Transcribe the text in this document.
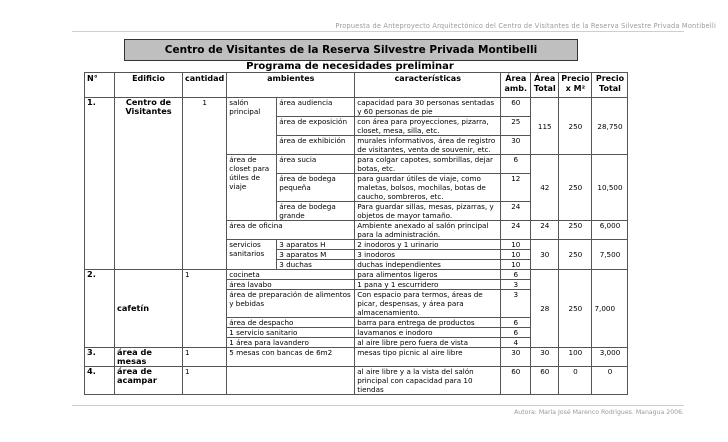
Propuesta de Anteproyecto Arquitectónico del Centro de Visitantes de la Reserva Silvestre Privada Montibelli
Centro de Visitantes de la Reserva Silvestre Privada Montibelli
Programa de necesidades preliminar
N°	Edificio	cantidad	ambientes		características	Área amb.	Área Total	Precio x M²	Precio Total
1.	Centro de Visitantes	1	salón principal	área audiencia	capacidad para 30 personas sentadas y 60 personas de pie	60	115	250	28,750
				área de exposición	con área para proyecciones, pizarra, closet, mesa, silla, etc.	25			
				área de exhibición	murales informativos, área de registro de visitantes, venta de souvenir, etc.	30			
			área de closet para útiles de viaje	área sucia	para colgar capotes, sombrillas, dejar botas, etc.	6	42	250	10,500
				área de bodega pequeña	para guardar útiles de viaje, como maletas, bolsos, mochilas, botas de caucho, sombreros, etc.	12			
				área de bodega grande	Para guardar sillas, mesas, pizarras, y objetos de mayor tamaño.	24			
			área de oficina		Ambiente anexado al salón principal para la administración.	24	24	250	6,000
			servicios sanitarios	3 aparatos H	2 inodoros y 1 urinario	10	30	250	7,500
				3 aparatos M	3 inodoros	10			
				3 duchas	duchas independientes	10			
2.	cafetín	1	cocineta		para alimentos ligeros	6	28	250	7,000
			área lavabo		1 pana y 1 escurridero	3			
			área de preparación de alimentos y bebidas		Con espacio para termos, áreas de picar, despensas, y área para almacenamiento.	3			
			área de despacho		barra para entrega de productos	6			
			1 servicio sanitario		lavamanos e inodoro	6			
			1 área para lavandero		al aire libre pero fuera de vista	4			
3.	área de mesas	1	5 mesas con bancas de 6m2		mesas tipo picnic al aire libre	30	30	100	3,000
4.	área de acampar	1			al aire libre y a la vista del salón principal con capacidad para 10 tiendas	60	60	0	0
Autora: María José Marenco Rodrigues. Managua 2006.
